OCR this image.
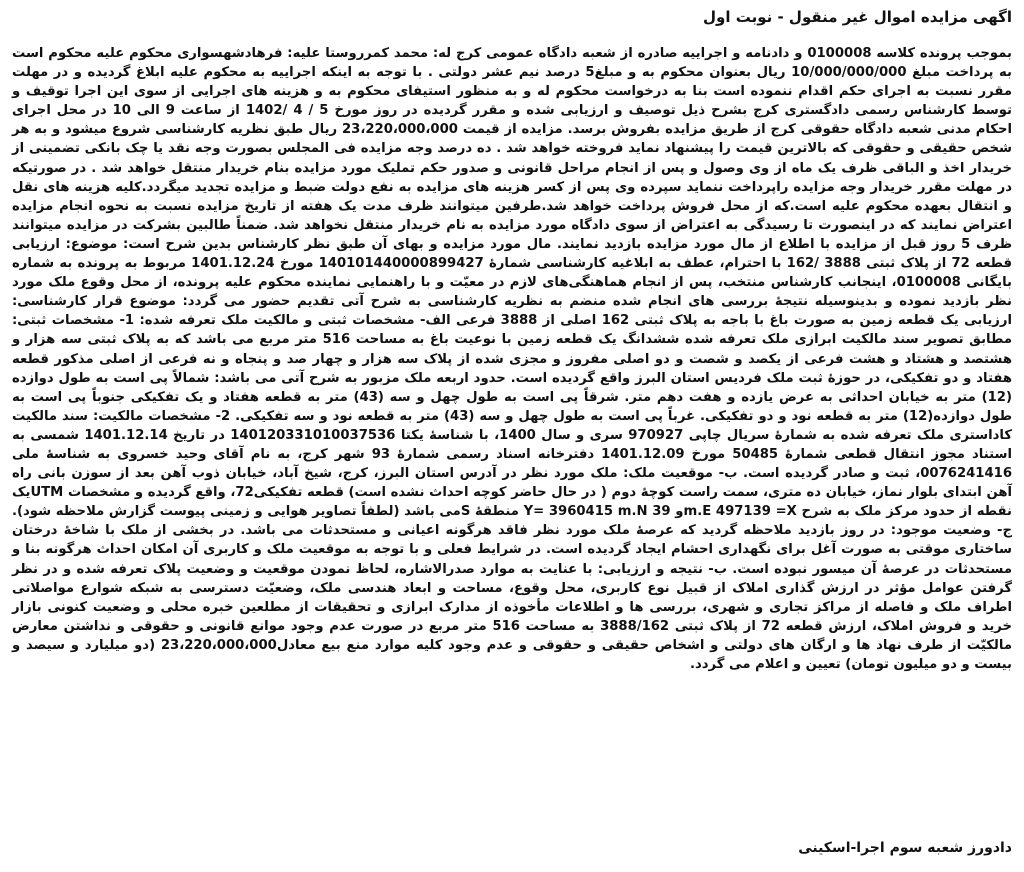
اگهی مزایده اموال غیر منقول - نوبت اول

بموجب پرونده کلاسه 0100008 و دادنامه و اجراییه صادره از شعبه دادگاه عمومی کرج له: محمد کمرروستا علیه: فرهادشهسواری محکوم علیه محکوم است به پرداخت مبلغ 10/000/000/000 ریال بعنوان محکوم به و مبلغ5 درصد نیم عشر دولتی . با توجه به اینکه اجراییه به محکوم علیه ابلاغ گردیده و در مهلت مقرر نسبت به اجرای حکم اقدام ننموده است بنا به درخواست محکوم له و به منظور استیفای محکوم به و هزینه های اجرایی از سوی این اجرا توقیف و توسط کارشناس رسمی دادگستری کرج بشرح ذیل توصیف و ارزیابی شده و مقرر گردیده در روز مورخ 5 / 4 /1402 از ساعت 9 الی 10 در محل اجرای احکام مدنی شعبه دادگاه حقوقی کرج از طریق مزایده بفروش برسد. مزایده از قیمت 23،220،000،000 ریال طبق نظریه کارشناسی شروع میشود و به هر شخص حقیقی و حقوقی که بالاترین قیمت را پیشنهاد نماید فروخته خواهد شد . ده درصد وجه مزایده فی المجلس بصورت وجه نقد یا چک بانکی تضمینی از خریدار اخذ و الباقی ظرف یک ماه از وی وصول و پس از انجام مراحل قانونی و صدور حکم تملیک مورد مزایده بنام خریدار منتقل خواهد شد . در صورتیکه در مهلت مقرر خریدار وجه مزایده راپرداخت ننماید سپرده وی پس از کسر هزینه های مزایده به نفع دولت ضبط و مزایده تجدید میگردد.کلیه هزینه های نقل و انتقال بعهده محکوم علیه است.که از محل فروش پرداخت خواهد شد.طرفین میتوانند ظرف مدت یک هفته از تاریخ مزایده نسبت به نحوه انجام مزایده اعتراض نمایند که در اینصورت تا رسیدگی به اعتراض از سوی دادگاه مورد مزایده به نام خریدار منتقل نخواهد شد. ضمناً طالبین بشرکت در مزایده میتوانند ظرف 5 روز قبل از مزایده با اطلاع از مال مورد مزایده بازدید نمایند. مال مورد مزایده و بهای آن طبق نظر کارشناس بدین شرح است: موضوع: ارزیابی قطعه 72 از پلاک ثبتی 3888 /162 با احترام، عطف به ابلاغیه کارشناسی شمارۀ 140101440000899427 مورخ 1401.12.24 مربوط به پرونده به شماره بایگانی 0100008، اینجانب کارشناس منتخب، پس از انجام هماهنگی‌های لازم در معیّت و با راهنمایی نماینده محکوم علیه پرونده، از محل وقوع ملک مورد نظر بازدید نموده و بدینوسیله نتیجۀ بررسی های انجام شده منضم به نظریه کارشناسی به شرح آتی تقدیم حضور می گردد: موضوع قرار کارشناسی: ارزیابی یک قطعه زمین به صورت باغ با باجه به پلاک ثبتی 162 اصلی از 3888 فرعی الف- مشخصات ثبتی و مالکیت ملک تعرفه شده: 1- مشخصات ثبتی: مطابق تصویر سند مالکیت ابرازی ملک تعرفه شده ششدانگ یک قطعه زمین با نوعیت باغ به مساحت 516 متر مربع می باشد که به پلاک ثبتی سه هزار و هشتصد و هشتاد و هشت فرعی از یکصد و شصت و دو اصلی مفروز و مجزی شده از پلاک سه هزار و چهار صد و پنجاه و نه فرعی از اصلی مذکور قطعه هفتاد و دو تفکیکی، در حوزۀ ثبت ملک فردیس استان البرز واقع گردیده است. حدود اربعه ملک مزبور به شرح آتی می باشد: شمالاً پی است به طول دوازده (12) متر به خیابان احداثی به عرض یازده و هفت دهم متر. شرقاً پی است به طول چهل و سه (43) متر به قطعه هفتاد و یک تفکیکی جنوباً پی است به طول دوازده(12) متر به قطعه نود و دو تفکیکی. غرباً پی است به طول چهل و سه (43) متر به قطعه نود و سه تفکیکی. 2- مشخصات مالکیت: سند مالکیت کاداستری ملک تعرفه شده به شمارۀ سریال چاپی 970927 سری و سال 1400، با شناسۀ یکتا 140120331010037536 در تاریخ 1401.12.14 شمسی به استناد مجوز انتقال قطعی شمارۀ 50485 مورخ 1401.12.09 دفترخانه اسناد رسمی شمارۀ 93 شهر کرج، به نام آقای وحید خسروی به شناسۀ ملی 0076241416، ثبت و صادر گردیده است. ب- موقعیت ملک: ملک مورد نظر در آدرس استان البرز، کرج، شیخ آباد، خیابان ذوب آهن بعد از سوزن بانی راه آهن ابتدای بلوار نماز، خیابان ده متری، سمت راست کوچۀ دوم ( در حال حاضر کوچه احداث نشده است) قطعه تفکیکی72، واقع گردیده و مشخصات UTMیک نقطه از حدود مرکز ملک به شرح m.E 497139 =Xو Y= 3960415 m.N 39 منطقۀ Sمی باشد (لطفاً تصاویر هوایی و زمینی پیوست گزارش ملاحظه شود). ج- وضعیت موجود: در روز بازدید ملاحظه گردید که عرصۀ ملک مورد نظر فاقد هرگونه اعیانی و مستحدثات می باشد. در بخشی از ملک با شاخۀ درختان ساختاری موقتی به صورت آغل برای نگهداری احشام ایجاد گردیده است. در شرایط فعلی و با توجه به موقعیت ملک و کاربری آن امکان احداث هرگونه بنا و مستحدثات در عرصۀ آن میسور نبوده است. ب- نتیجه و ارزیابی: با عنایت به موارد صدرالاشاره، لحاظ نمودن موقعیت و وضعیت پلاک تعرفه شده و در نظر گرفتن عوامل مؤثر در ارزش گذاری املاک از قبیل نوع کاربری، محل وقوع، مساحت و ابعاد هندسی ملک، وضعیّت دسترسی به شبکه شوارع مواصلاتی اطراف ملک و فاصله از مراکز تجاری و شهری، بررسی ها و اطلاعات مأخوذه از مدارک ابرازی و تحقیقات از مطلعین خبره محلی و وضعیت کنونی بازار خرید و فروش املاک، ارزش قطعه 72 از پلاک ثبتی 3888/162 به مساحت 516 متر مربع در صورت عدم وجود موانع قانونی و حقوقی و نداشتن معارض مالکیّت از طرف نهاد ها و ارگان های دولتی و اشخاص حقیقی و حقوقی و عدم وجود کلیه موارد منع بیع معادل23،220،000،000 (دو میلیارد و سیصد و بیست و دو میلیون تومان) تعیین و اعلام می گردد.

دادورز شعبه سوم اجرا-اسکینی
